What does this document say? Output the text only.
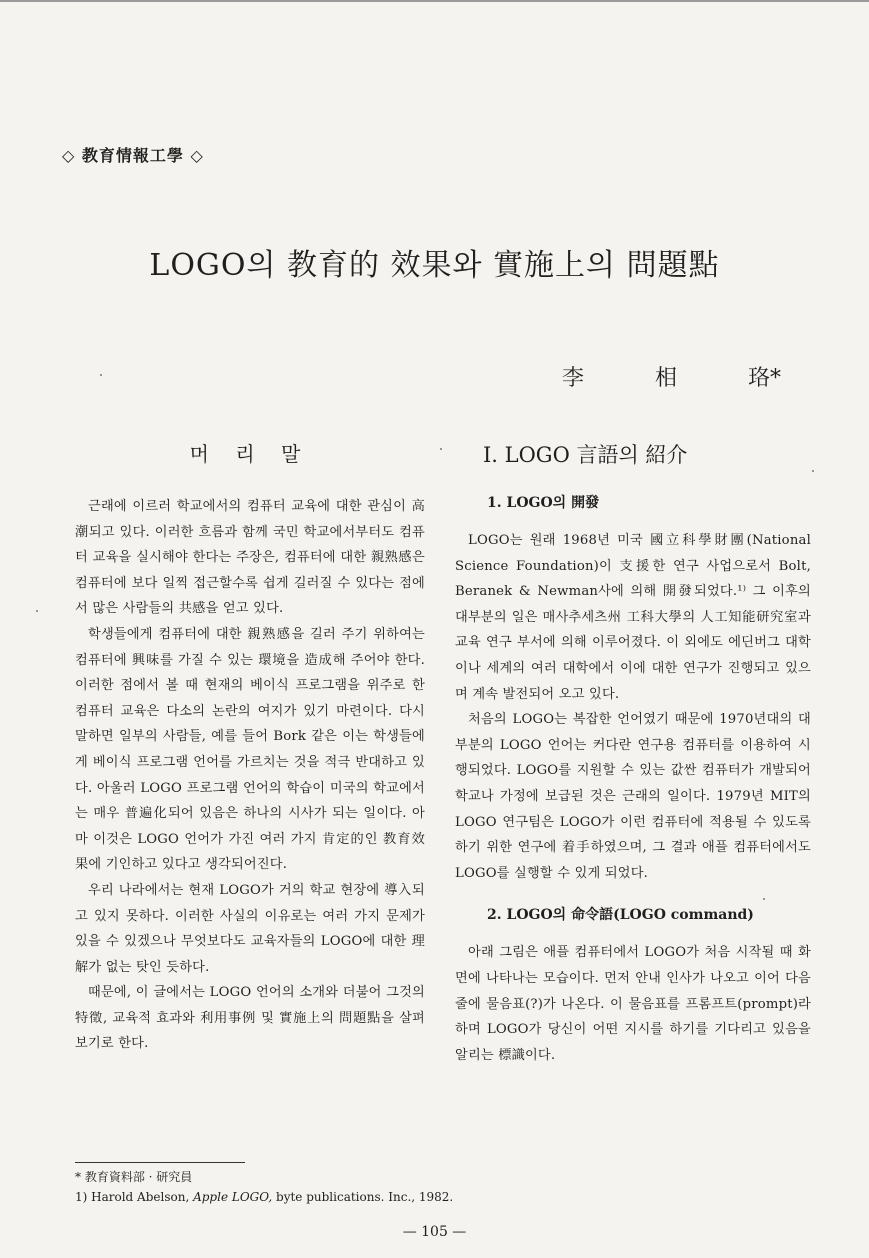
◇ 教育情報工學 ◇
LOGO의 教育的 效果와 實施上의 問題點
李	相	珞*
머 리 말

근래에 이르러 학교에서의 컴퓨터 교육에 대한 관심이 高潮되고 있다. 이러한 흐름과 함께 국민 학교에서부터도 컴퓨터 교육을 실시해야 한다는 주장은, 컴퓨터에 대한 親熟感은 컴퓨터에 보다 일찍 접근할수록 쉽게 길러질 수 있다는 점에서 많은 사람들의 共感을 얻고 있다.

학생들에게 컴퓨터에 대한 親熟感을 길러 주기 위하여는 컴퓨터에 興味를 가질 수 있는 環境을 造成해 주어야 한다. 이러한 점에서 볼 때 현재의 베이식 프로그램을 위주로 한 컴퓨터 교육은 다소의 논란의 여지가 있기 마련이다. 다시 말하면 일부의 사람들, 예를 들어 Bork 같은 이는 학생들에게 베이식 프로그램 언어를 가르치는 것을 적극 반대하고 있다. 아울러 LOGO 프로그램 언어의 학습이 미국의 학교에서는 매우 普遍化되어 있음은 하나의 시사가 되는 일이다. 아마 이것은 LOGO 언어가 가진 여러 가지 肯定的인 教育效果에 기인하고 있다고 생각되어진다.

우리 나라에서는 현재 LOGO가 거의 학교 현장에 導入되고 있지 못하다. 이러한 사실의 이유로는 여러 가지 문제가 있을 수 있겠으나 무엇보다도 교육자들의 LOGO에 대한 理解가 없는 탓인 듯하다.

때문에, 이 글에서는 LOGO 언어의 소개와 더불어 그것의 特徵, 교육적 효과와 利用事例 및 實施上의 問題點을 살펴보기로 한다.

Ⅰ. LOGO 言語의 紹介
1. LOGO의 開發

LOGO는 원래 1968년 미국 國立科學財團(National Science Foundation)이 支援한 연구 사업으로서 Bolt, Beranek & Newman사에 의해 開發되었다.¹⁾ 그 이후의 대부분의 일은 매사추세츠州 工科大學의 人工知能研究室과 교육 연구 부서에 의해 이루어졌다. 이 외에도 에딘버그 대학이나 세계의 여러 대학에서 이에 대한 연구가 진행되고 있으며 계속 발전되어 오고 있다.

처음의 LOGO는 복잡한 언어였기 때문에 1970년대의 대부분의 LOGO 언어는 커다란 연구용 컴퓨터를 이용하여 시행되었다. LOGO를 지원할 수 있는 값싼 컴퓨터가 개발되어 학교나 가정에 보급된 것은 근래의 일이다. 1979년 MIT의 LOGO 연구팀은 LOGO가 이런 컴퓨터에 적용될 수 있도록 하기 위한 연구에 着手하였으며, 그 결과 애플 컴퓨터에서도 LOGO를 실행할 수 있게 되었다.

2. LOGO의 命令語(LOGO command)

아래 그림은 애플 컴퓨터에서 LOGO가 처음 시작될 때 화면에 나타나는 모습이다. 먼저 안내 인사가 나오고 이어 다음 줄에 물음표(?)가 나온다. 이 물음표를 프롬프트(prompt)라 하며 LOGO가 당신이 어떤 지시를 하기를 기다리고 있음을 알리는 標識이다.

* 教育資料部 · 研究員
1) Harold Abelson, Apple LOGO, byte publications. Inc., 1982.
— 105 —
